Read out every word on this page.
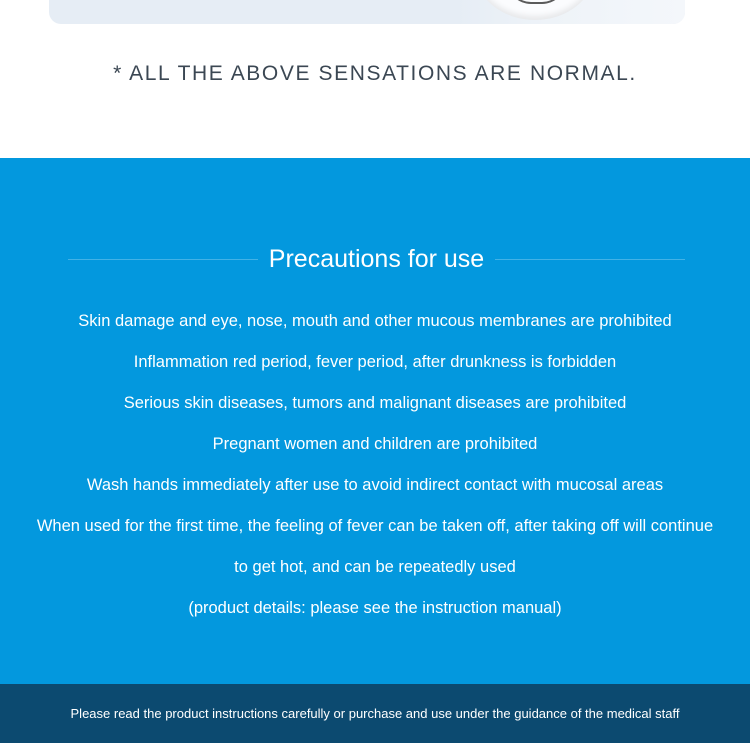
* ALL THE ABOVE SENSATIONS ARE NORMAL.
Precautions for use
Skin damage and eye, nose, mouth and other mucous membranes are prohibited
Inflammation red period, fever period, after drunkness is forbidden
Serious skin diseases, tumors and malignant diseases are prohibited
Pregnant women and children are prohibited
Wash hands immediately after use to avoid indirect contact with mucosal areas
When used for the first time, the feeling of fever can be taken off, after taking off will continue
to get hot, and can be repeatedly used
(product details: please see the instruction manual)
Please read the product instructions carefully or purchase and use under the guidance of the medical staff
